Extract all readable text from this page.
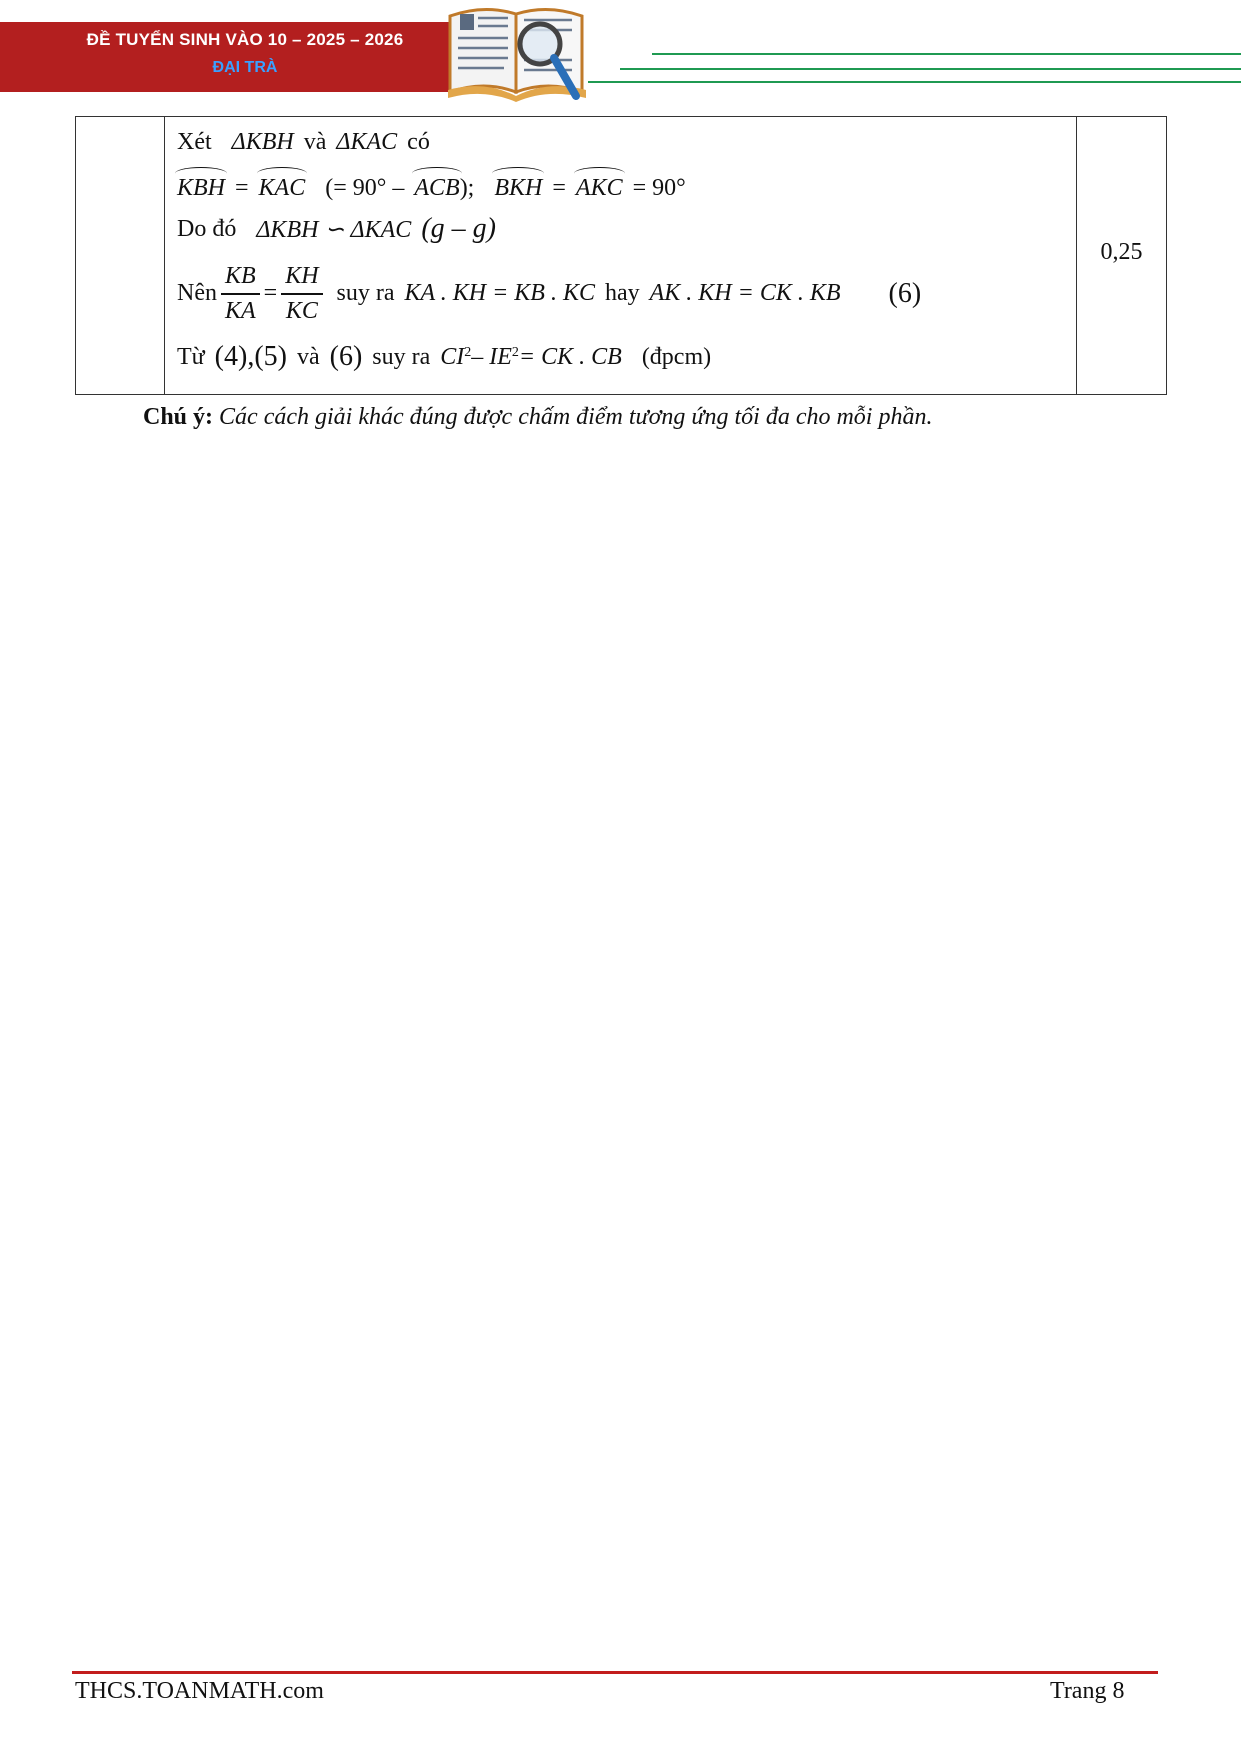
ĐỀ TUYỂN SINH VÀO 10 – 2025 – 2026
ĐẠI TRÀ
0,25
Xét ΔKBH và ΔKAC có
KBH = KAC (= 90° – ACB ); BKH = AKC = 90°
Do đó ΔKBH ∽ ΔKAC (g – g)
Nên $\frac{KB}{KA} = \frac{KH}{KC}$ suy ra KA . KH = KB . KC hay AK . KH = CK . KB (6)
Từ (4),(5) và (6) suy ra $CI^2 - IE^2$ = CK . CB (đpcm)
Chú ý: Các cách giải khác đúng được chấm điểm tương ứng tối đa cho mỗi phần.
THCS.TOANMATH.com	Trang 8
